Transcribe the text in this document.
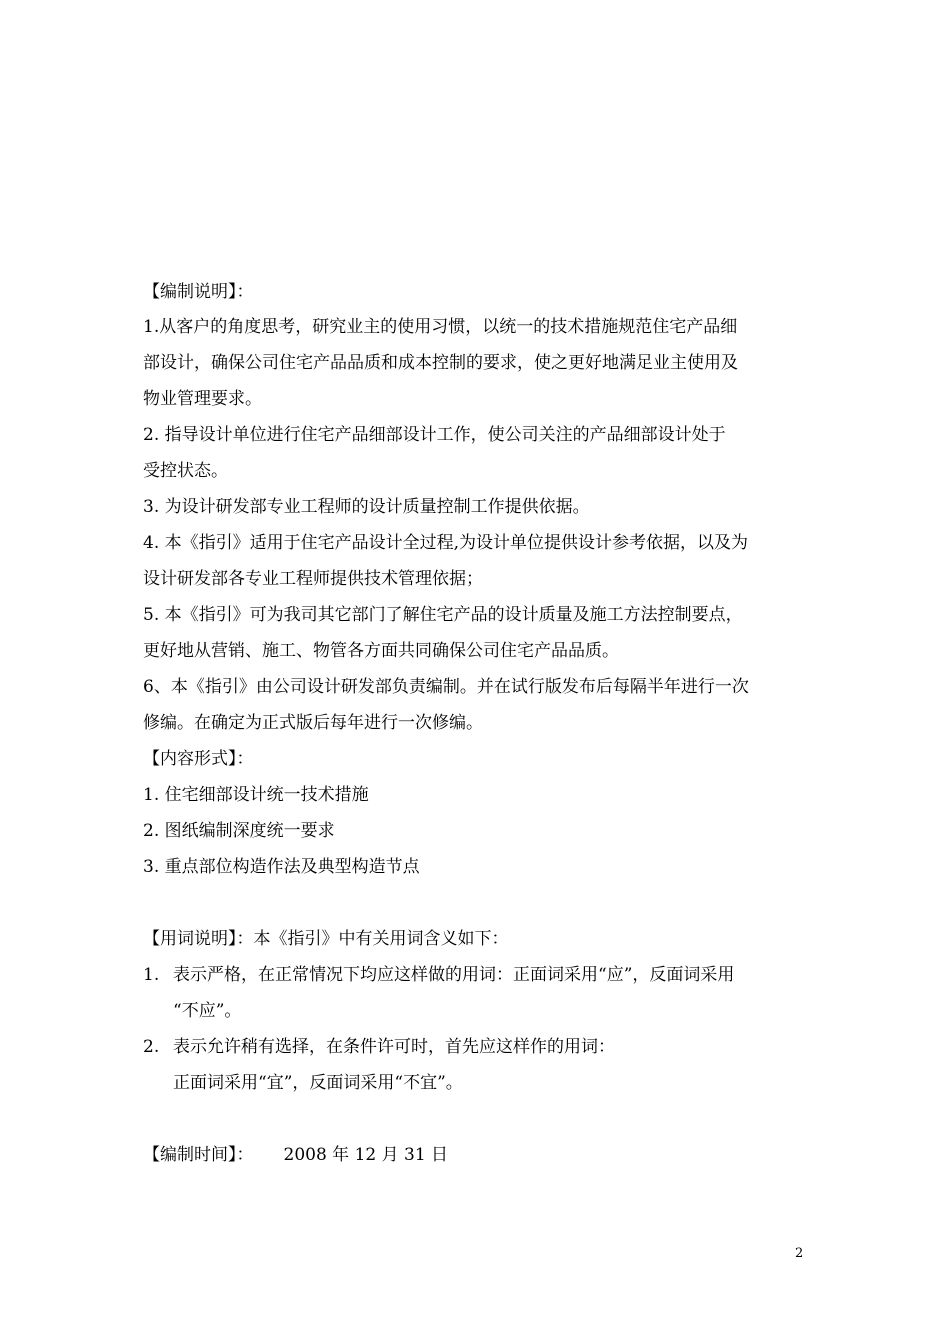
【编制说明】：
1.从客户的角度思考，研究业主的使用习惯，以统一的技术措施规范住宅产品细
部设计，确保公司住宅产品品质和成本控制的要求，使之更好地满足业主使用及
物业管理要求。
2. 指导设计单位进行住宅产品细部设计工作，使公司关注的产品细部设计处于
受控状态。
3. 为设计研发部专业工程师的设计质量控制工作提供依据。
4. 本《指引》适用于住宅产品设计全过程,为设计单位提供设计参考依据，以及为
设计研发部各专业工程师提供技术管理依据；
5. 本《指引》可为我司其它部门了解住宅产品的设计质量及施工方法控制要点，
更好地从营销、施工、物管各方面共同确保公司住宅产品品质。
6、本《指引》由公司设计研发部负责编制。并在试行版发布后每隔半年进行一次
修编。在确定为正式版后每年进行一次修编。
【内容形式】：
1. 住宅细部设计统一技术措施
2. 图纸编制深度统一要求
3. 重点部位构造作法及典型构造节点
【用词说明】：本《指引》中有关用词含义如下：
1. 表示严格，在正常情况下均应这样做的用词：正面词采用“应”，反面词采用
“不应”。
2. 表示允许稍有选择，在条件许可时，首先应这样作的用词：
正面词采用“宜”，反面词采用“不宜”。
【编制时间】： 2008 年 12 月 31 日
2
